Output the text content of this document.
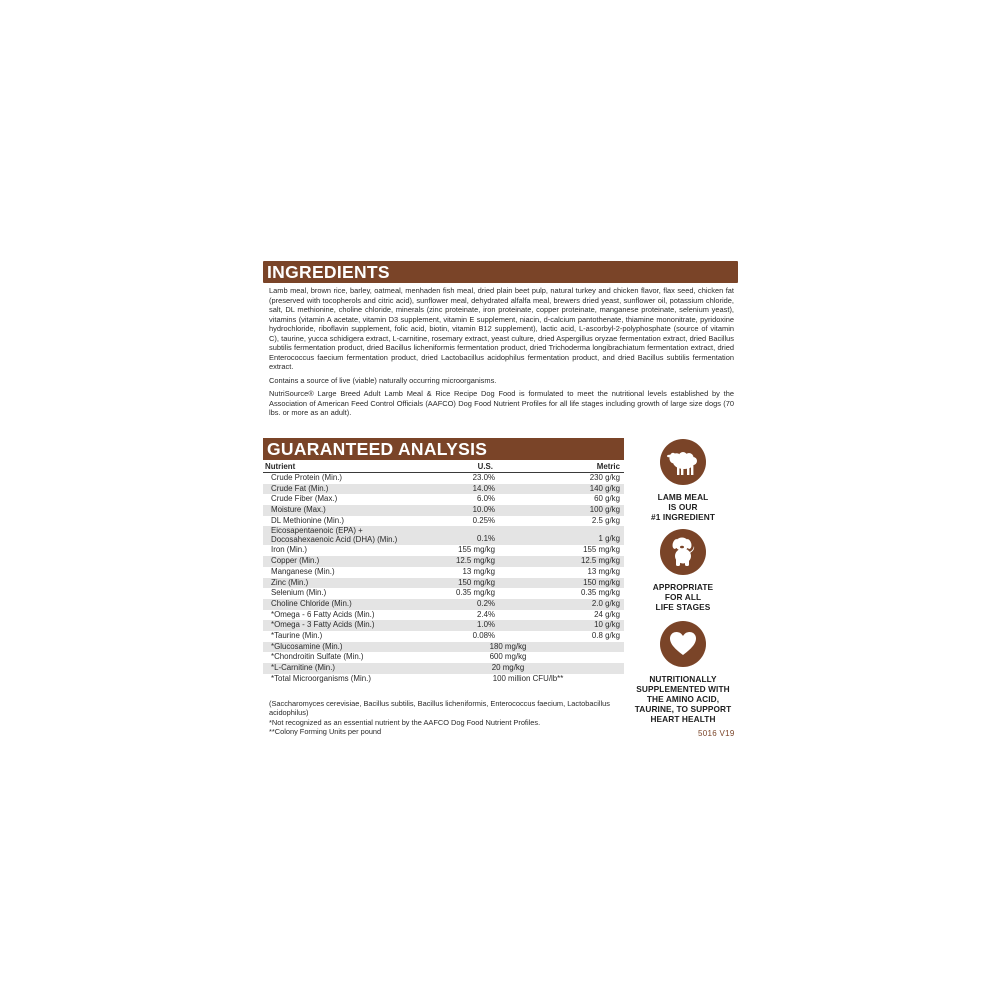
INGREDIENTS

Lamb meal, brown rice, barley, oatmeal, menhaden fish meal, dried plain beet pulp, natural turkey and chicken flavor, flax seed, chicken fat (preserved with tocopherols and citric acid), sunflower meal, dehydrated alfalfa meal, brewers dried yeast, sunflower oil, potassium chloride, salt, DL methionine, choline chloride, minerals (zinc proteinate, iron proteinate, copper proteinate, manganese proteinate, selenium yeast), vitamins (vitamin A acetate, vitamin D3 supplement, vitamin E supplement, niacin, d-calcium pantothenate, thiamine mononitrate, pyridoxine hydrochloride, riboflavin supplement, folic acid, biotin, vitamin B12 supplement), lactic acid, L-ascorbyl-2-polyphosphate (source of vitamin C), taurine, yucca schidigera extract, L-carnitine, rosemary extract, yeast culture, dried Aspergillus oryzae fermentation extract, dried Bacillus subtilis fermentation product, dried Bacillus licheniformis fermentation product, dried Trichoderma longibrachiatum fermentation extract, dried Enterococcus faecium fermentation product, dried Lactobacillus acidophilus fermentation product, and dried Bacillus subtilis fermentation extract.

Contains a source of live (viable) naturally occurring microorganisms.

NutriSource® Large Breed Adult Lamb Meal & Rice Recipe Dog Food is formulated to meet the nutritional levels established by the Association of American Feed Control Officials (AAFCO) Dog Food Nutrient Profiles for all life stages including growth of large size dogs (70 lbs. or more as an adult).

GUARANTEED ANALYSIS
Nutrient	U.S.	Metric
Crude Protein (Min.)	23.0%	230 g/kg
Crude Fat (Min.)	14.0%	140 g/kg
Crude Fiber (Max.)	6.0%	60 g/kg
Moisture (Max.)	10.0%	100 g/kg
DL Methionine (Min.)	0.25%	2.5 g/kg
Eicosapentaenoic (EPA) +
Docosahexaenoic Acid (DHA) (Min.)	0.1%	1 g/kg
Iron (Min.)	155 mg/kg	155 mg/kg
Copper (Min.)	12.5 mg/kg	12.5 mg/kg
Manganese (Min.)	13 mg/kg	13 mg/kg
Zinc (Min.)	150 mg/kg	150 mg/kg
Selenium (Min.)	0.35 mg/kg	0.35 mg/kg
Choline Chloride (Min.)	0.2%	2.0 g/kg
*Omega - 6 Fatty Acids (Min.)	2.4%	24 g/kg
*Omega - 3 Fatty Acids (Min.)	1.0%	10 g/kg
*Taurine (Min.)	0.08%	0.8 g/kg
*Glucosamine (Min.)	180 mg/kg
*Chondroitin Sulfate (Min.)	600 mg/kg
*L-Carnitine (Min.)	20 mg/kg
*Total Microorganisms (Min.)	100 million CFU/lb**

(Saccharomyces cerevisiae, Bacillus subtilis, Bacillus licheniformis, Enterococcus faecium, Lactobacillus acidophilus)

*Not recognized as an essential nutrient by the AAFCO Dog Food Nutrient Profiles.

**Colony Forming Units per pound

LAMB MEAL
IS OUR
#1 INGREDIENT
APPROPRIATE
FOR ALL
LIFE STAGES
NUTRITIONALLY
SUPPLEMENTED WITH
THE AMINO ACID,
TAURINE, TO SUPPORT
HEART HEALTH
5016 V19
